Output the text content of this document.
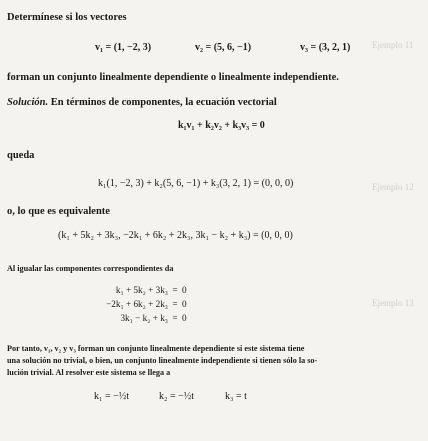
Ejemplo 11
Ejemplo 12
Ejemplo 13
Determínese si los vectores
v₁ = (1, −2, 3)	v₂ = (5, 6, −1)	v₃ = (3, 2, 1)
forman un conjunto linealmente dependiente o linealmente independiente.
Solución. En términos de componentes, la ecuación vectorial
k₁v₁ + k₂v₂ + k₃v₃ = 0
queda
k₁(1, −2, 3) + k₂(5, 6, −1) + k₃(3, 2, 1) = (0, 0, 0)
o, lo que es equivalente
(k₁ + 5k₂ + 3k₃, −2k₁ + 6k₂ + 2k₃, 3k₁ − k₂ + k₃) = (0, 0, 0)
Al igualar las componentes correspondientes da
k₁ + 5k₂ + 3k₃ = 0
−2k₁ + 6k₂ + 2k₃ = 0
3k₁ − k₂ + k₃ = 0
Por tanto, v₁, v₂ y v₃ forman un conjunto linealmente dependiente si este sistema tiene
una solución no trivial, o bien, un conjunto linealmente independiente si tienen sólo la so-
lución trivial. Al resolver este sistema se llega a
k₁ = −½t	k₂ = −½t	k₃ = t
